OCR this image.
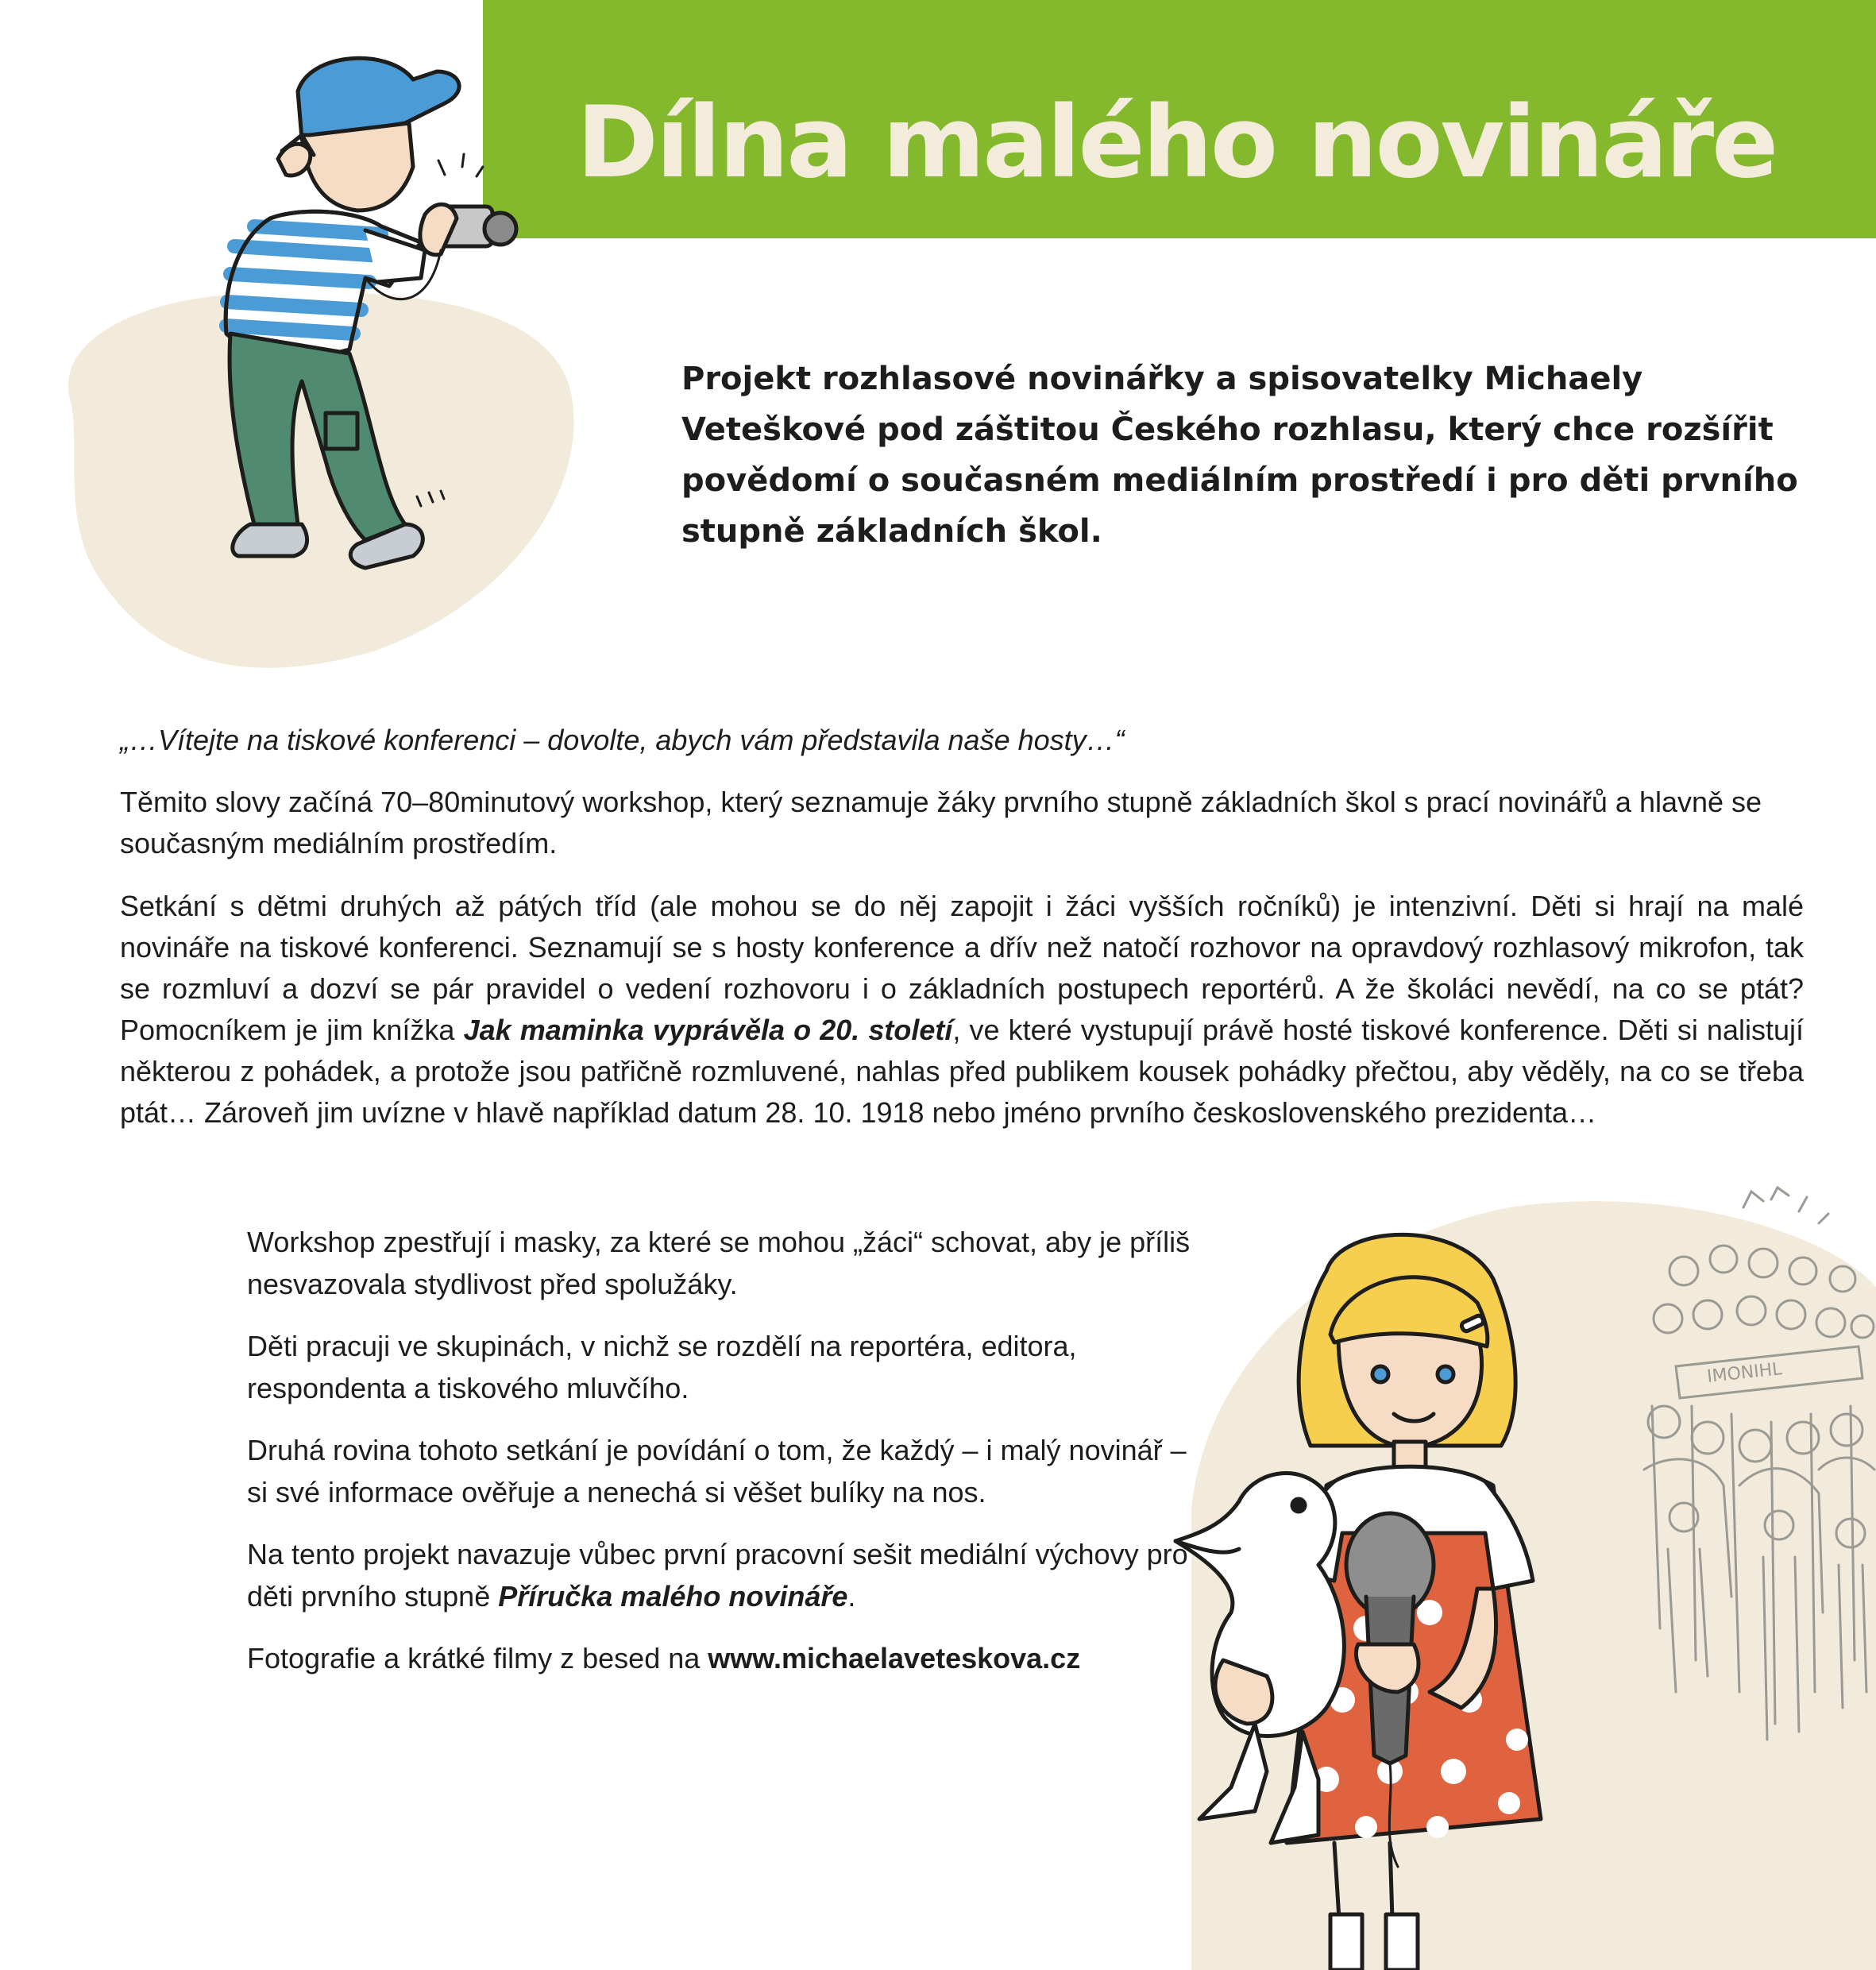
Dílna malého novináře

Projekt rozhlasové novinářky a spisovatelky Michaely Veteškové pod záštitou Českého rozhlasu, který chce rozšířit povědomí o současném mediálním prostředí i pro děti prvního stupně základních škol.

„…Vítejte na tiskové konferenci – dovolte, abych vám představila naše hosty…“

Těmito slovy začíná 70–80minutový workshop, který seznamuje žáky prvního stupně základních škol s prací novinářů a hlavně se současným mediálním prostředím.

Setkání s dětmi druhých až pátých tříd (ale mohou se do něj zapojit i žáci vyšších ročníků) je intenzivní. Děti si hrají na malé novináře na tiskové konferenci. Seznamují se s hosty konference a dřív než natočí rozhovor na opravdový rozhlasový mikrofon, tak se rozmluví a dozví se pár pravidel o vedení rozhovoru i o základních postupech reportérů. A že školáci nevědí, na co se ptát? Pomocníkem je jim knížka Jak maminka vyprávěla o 20. století, ve které vystupují právě hosté tiskové konference. Děti si nalistují některou z pohádek, a protože jsou patřičně rozmluvené, nahlas před publikem kousek pohádky přečtou, aby věděly, na co se třeba ptát… Zároveň jim uvízne v hlavě například datum 28. 10. 1918 nebo jméno prvního československého prezidenta…

Workshop zpestřují i masky, za které se mohou „žáci“ schovat, aby je příliš nesvazovala stydlivost před spolužáky.

Děti pracuji ve skupinách, v nichž se rozdělí na reportéra, editora, respondenta a tiskového mluvčího.

Druhá rovina tohoto setkání je povídání o tom, že každý – i malý novinář – si své informace ověřuje a nenechá si věšet bulíky na nos.

Na tento projekt navazuje vůbec první pracovní sešit mediální výchovy pro děti prvního stupně Příručka malého novináře.

Fotografie a krátké filmy z besed na www.michaelaveteskova.cz

IMONIHL
